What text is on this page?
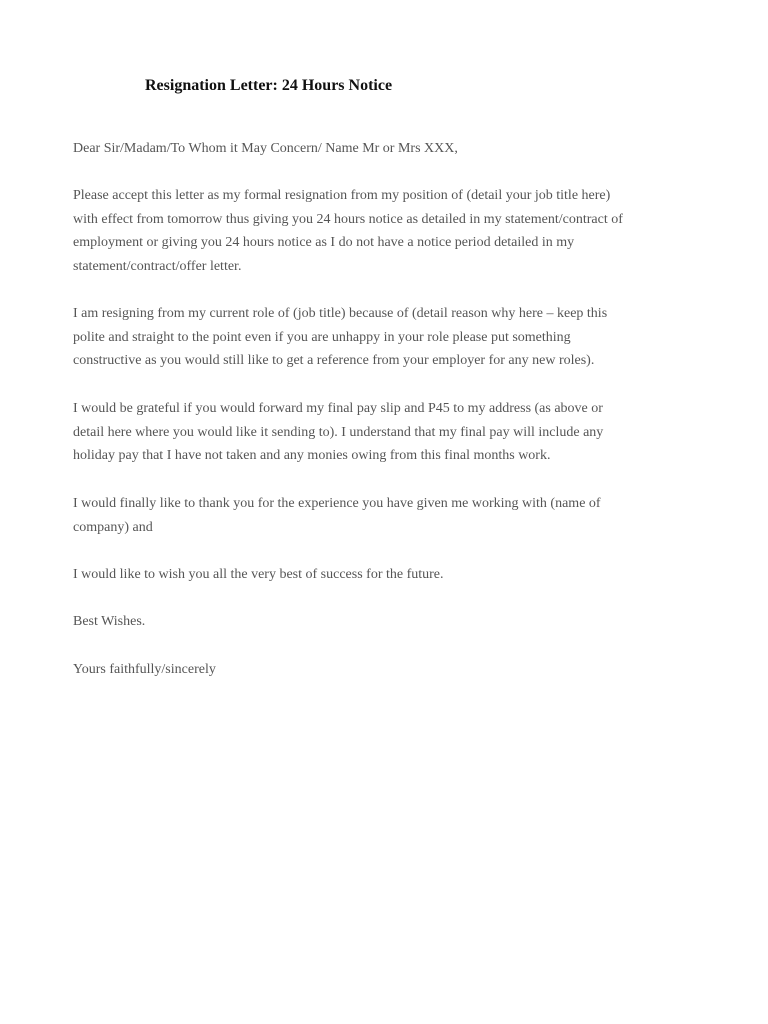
Resignation Letter: 24 Hours Notice
Dear Sir/Madam/To Whom it May Concern/ Name Mr or Mrs XXX,
Please accept this letter as my formal resignation from my position of (detail your job title here)
with effect from tomorrow thus giving you 24 hours notice as detailed in my statement/contract of
employment or giving you 24 hours notice as I do not have a notice period detailed in my
statement/contract/offer letter.
I am resigning from my current role of (job title) because of (detail reason why here – keep this
polite and straight to the point even if you are unhappy in your role please put something
constructive as you would still like to get a reference from your employer for any new roles).
I would be grateful if you would forward my final pay slip and P45 to my address (as above or
detail here where you would like it sending to). I understand that my final pay will include any
holiday pay that I have not taken and any monies owing from this final months work.
I would finally like to thank you for the experience you have given me working with (name of
company) and
I would like to wish you all the very best of success for the future.
Best Wishes.
Yours faithfully/sincerely
